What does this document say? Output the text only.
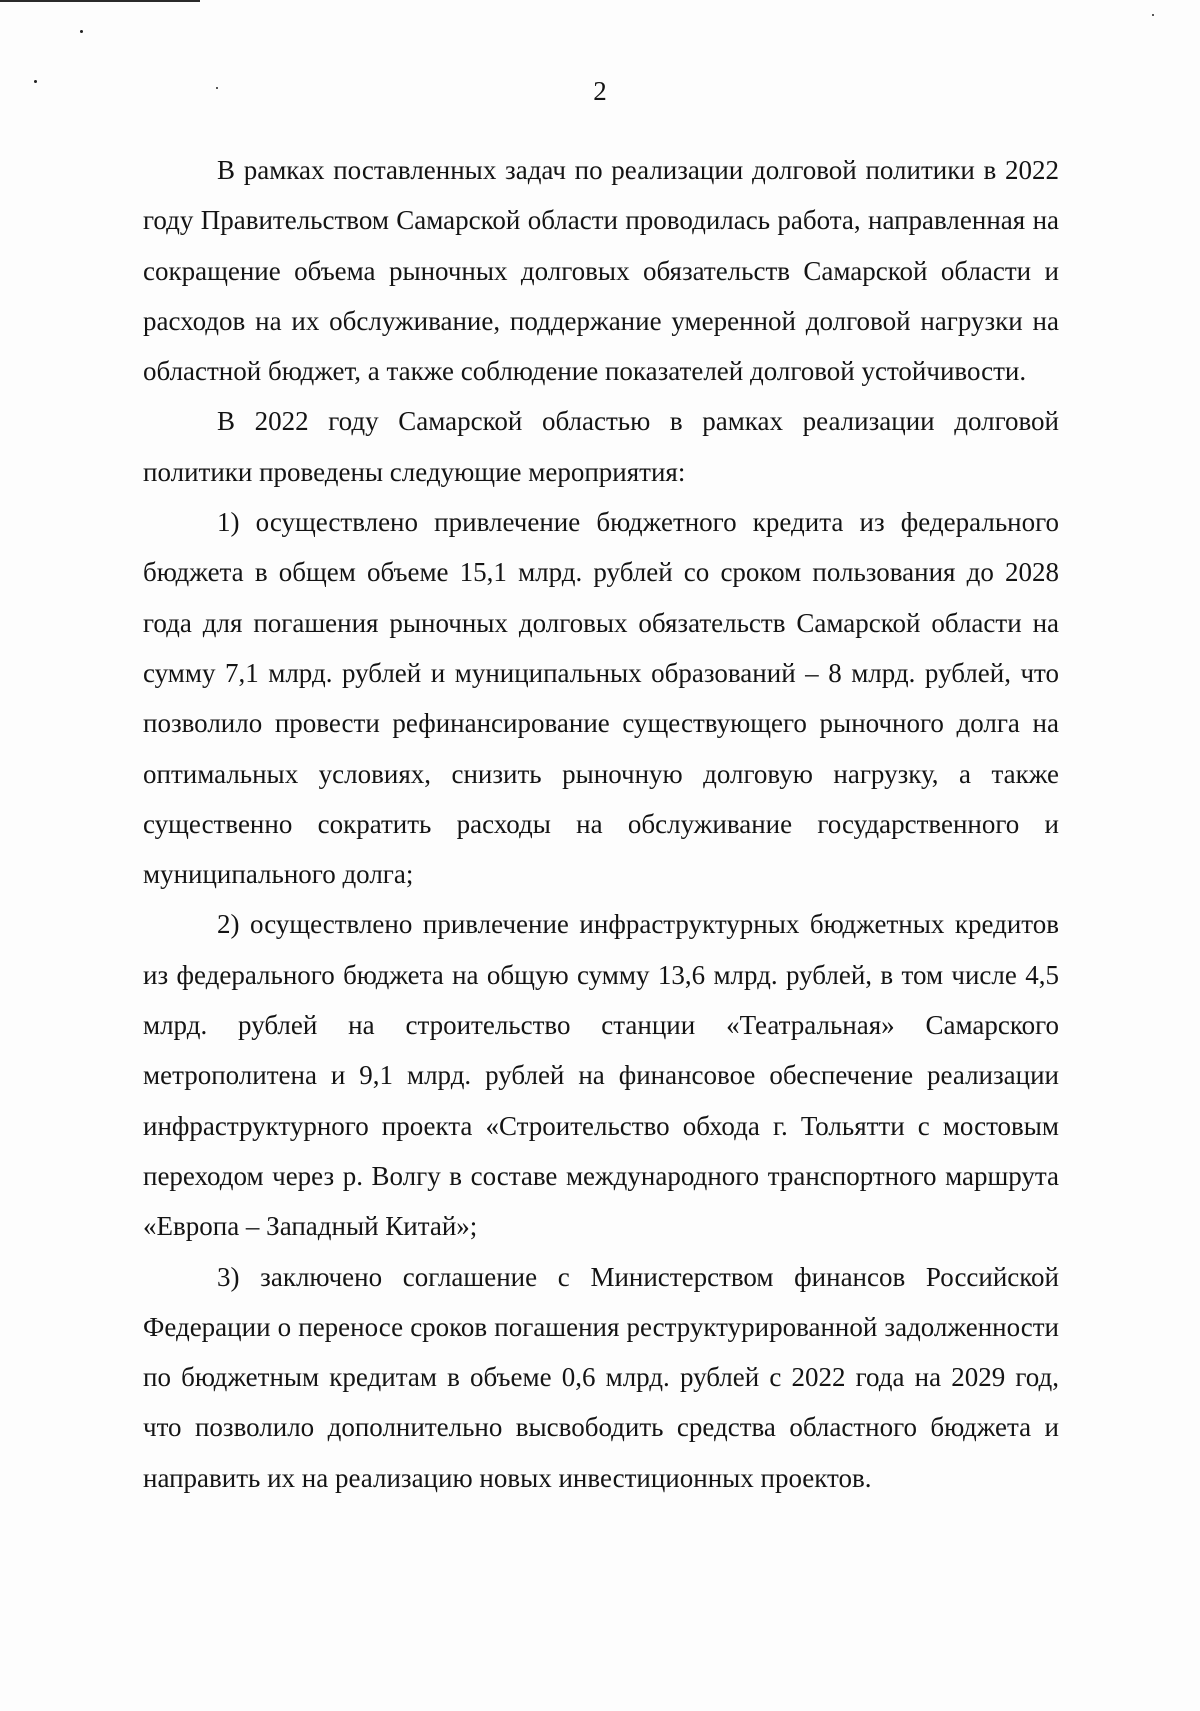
2

В рамках поставленных задач по реализации долговой политики в 2022 году Правительством Самарской области проводилась работа, направленная на сокращение объема рыночных долговых обязательств Самарской области и расходов на их обслуживание, поддержание умеренной долговой нагрузки на областной бюджет, а также соблюдение показателей долговой устойчивости.

В 2022 году Самарской областью в рамках реализации долговой политики проведены следующие мероприятия:

1) осуществлено привлечение бюджетного кредита из федерального бюджета в общем объеме 15,1 млрд. рублей со сроком пользования до 2028 года для погашения рыночных долговых обязательств Самарской области на сумму 7,1 млрд. рублей и муниципальных образований – 8 млрд. рублей, что позволило провести рефинансирование существующего рыночного долга на оптимальных условиях, снизить рыночную долговую нагрузку, а также существенно сократить расходы на обслуживание государственного и муниципального долга;

2) осуществлено привлечение инфраструктурных бюджетных кредитов из федерального бюджета на общую сумму 13,6 млрд. рублей, в том числе 4,5 млрд. рублей на строительство станции «Театральная» Самарского метрополитена и 9,1 млрд. рублей на финансовое обеспечение реализации инфраструктурного проекта «Строительство обхода г. Тольятти с мостовым переходом через р. Волгу в составе международного транспортного маршрута «Европа – Западный Китай»;

3) заключено соглашение с Министерством финансов Российской Федерации о переносе сроков погашения реструктурированной задолженности по бюджетным кредитам в объеме 0,6 млрд. рублей с 2022 года на 2029 год, что позволило дополнительно высвободить средства областного бюджета и направить их на реализацию новых инвестиционных проектов.
